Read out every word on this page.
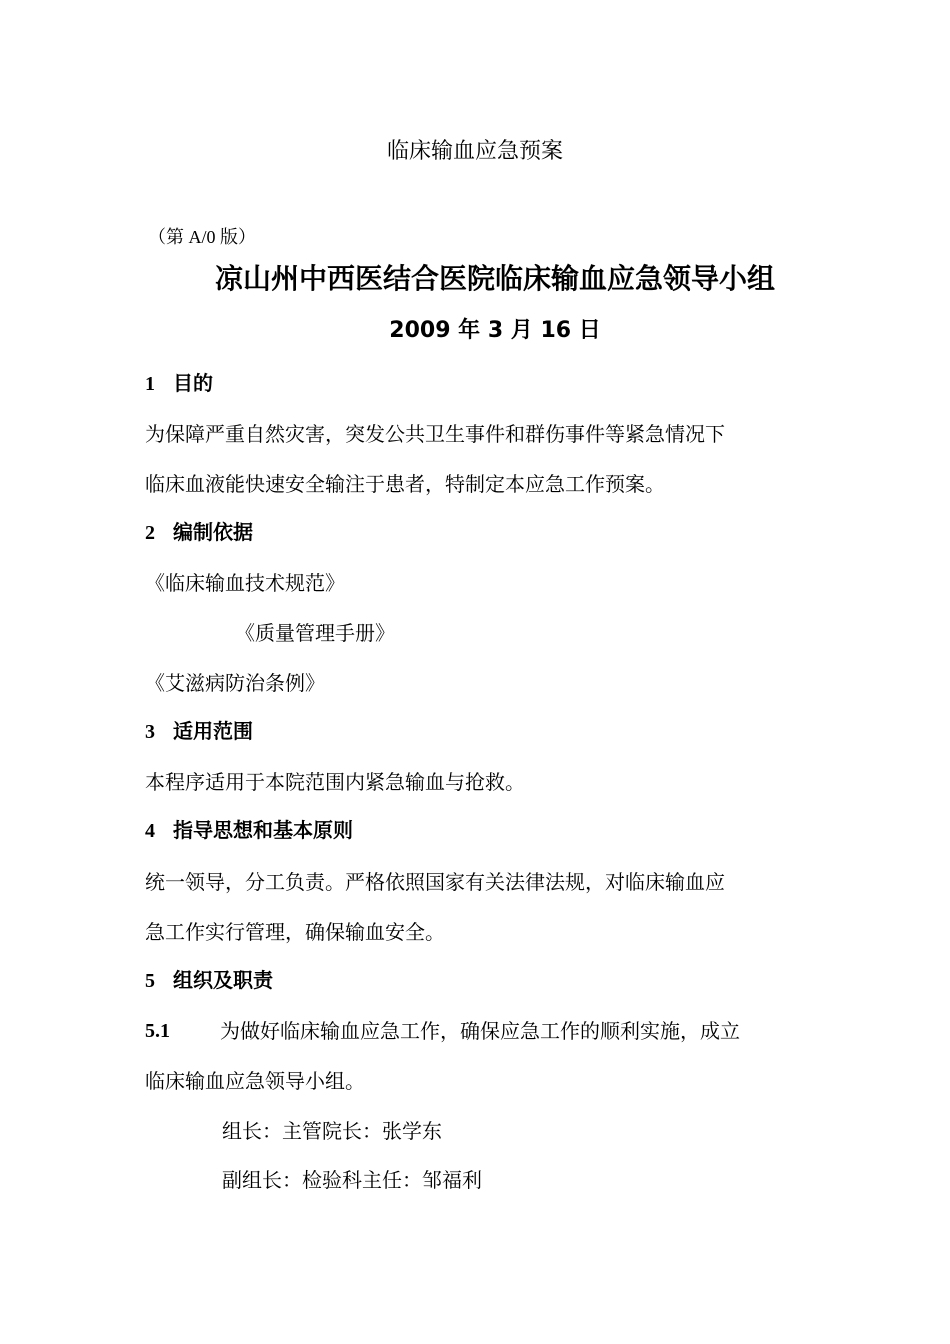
临床输血应急预案
（第 A/0 版）
凉山州中西医结合医院临床输血应急领导小组
2009 年 3 月 16 日
1 目的
为保障严重自然灾害，突发公共卫生事件和群伤事件等紧急情况下
临床血液能快速安全输注于患者，特制定本应急工作预案。
2 编制依据
《临床输血技术规范》
《质量管理手册》
《艾滋病防治条例》
3 适用范围
本程序适用于本院范围内紧急输血与抢救。
4 指导思想和基本原则
统一领导，分工负责。严格依照国家有关法律法规，对临床输血应
急工作实行管理，确保输血安全。
5 组织及职责
5.1	为做好临床输血应急工作，确保应急工作的顺利实施，成立
临床输血应急领导小组。
组长：主管院长：张学东
副组长：检验科主任：邹福利
